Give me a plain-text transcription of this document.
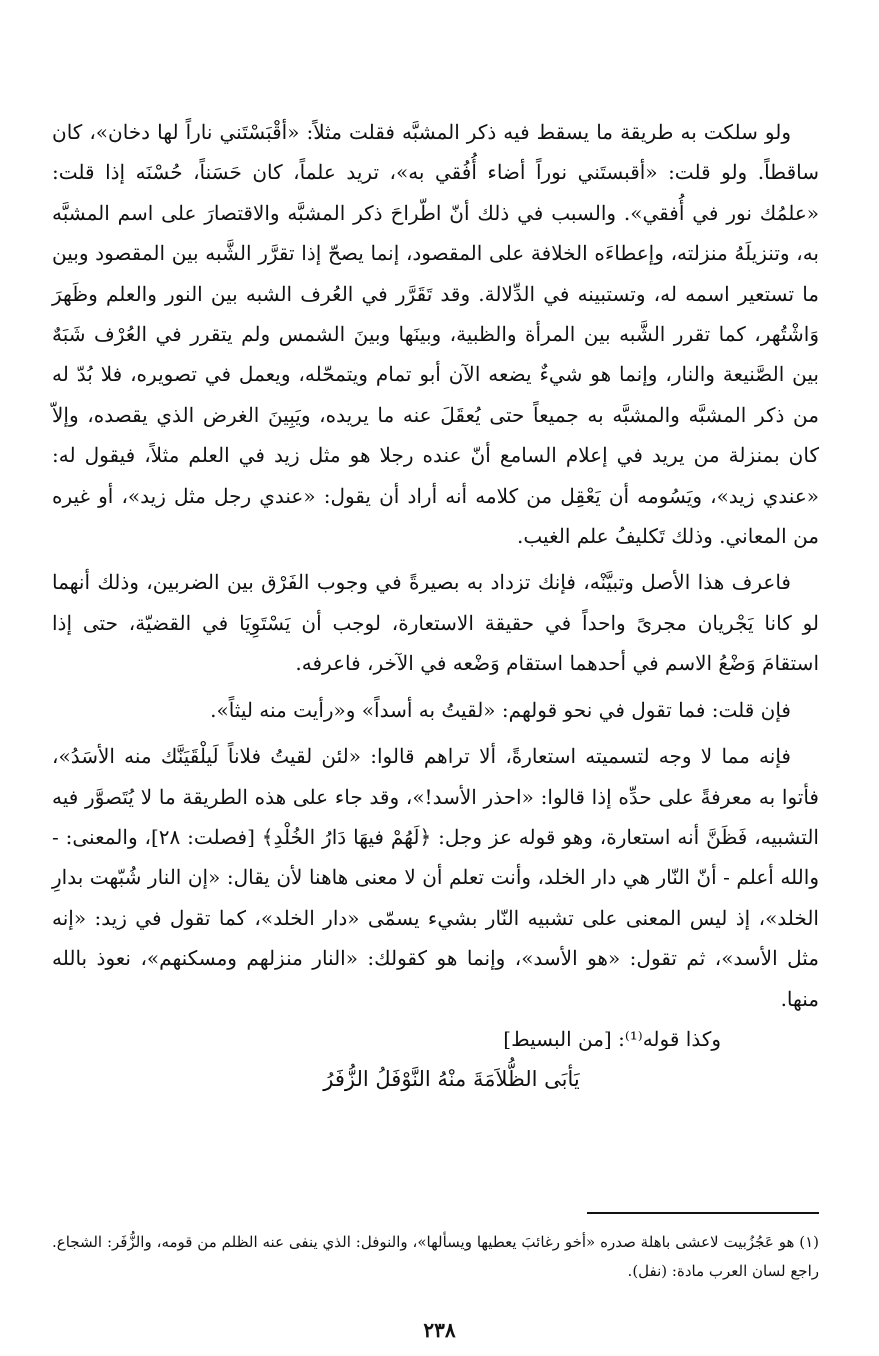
ولو سلكت به طريقة ما يسقط فيه ذكر المشبَّه فقلت مثلاً: «أقْبَسْتَني ناراً لها دخان»، كان ساقطاً. ولو قلت: «أقبستَني نوراً أضاء أُفُقي به»، تريد علماً، كان حَسَناً، حُسْنَه إذا قلت: «علمُك نور في أُفقي». والسبب في ذلك أنّ اطّراحَ ذكر المشبَّه والاقتصارَ على اسم المشبَّه به، وتنزيلَهُ منزلته، وإعطاءَه الخلافة على المقصود، إنما يصحّ إذا تقرَّر الشَّبه بين المقصود وبين ما تستعير اسمه له، وتستبينه في الدِّلالة. وقد تَقَرَّر في العُرف الشبه بين النور والعلم وظَهرَ وَاشْتُهر، كما تقرر الشَّبه بين المرأة والظبية، وبينَها وبينَ الشمس ولم يتقرر في العُرْف شَبَهٌ بين الصَّنيعة والنار، وإنما هو شيءٌ يضعه الآن أبو تمام ويتمحّله، ويعمل في تصويره، فلا بُدّ له من ذكر المشبَّه والمشبَّه به جميعاً حتى يُعقَلَ عنه ما يريده، ويَبِينَ الغرض الذي يقصده، وإلاّ كان بمنزلة من يريد في إعلام السامع أنّ عنده رجلا هو مثل زيد في العلم مثلاً، فيقول له: «عندي زيد»، ويَسُومه أن يَعْقِل من كلامه أنه أراد أن يقول: «عندي رجل مثل زيد»، أو غيره من المعاني. وذلك تَكليفُ علم الغيب.

فاعرف هذا الأصل وتبيَّنْه، فإنك تزداد به بصيرةً في وجوب الفَرْق بين الضربين، وذلك أنهما لو كانا يَجْريان مجرىً واحداً في حقيقة الاستعارة، لوجب أن يَسْتَوِيَا في القضيّة، حتى إذا استقامَ وَضْعُ الاسم في أحدهما استقام وَضْعه في الآخر، فاعرفه.

فإن قلت: فما تقول في نحو قولهم: «لقيتُ به أسداً» و«رأيت منه ليثاً».

فإنه مما لا وجه لتسميته استعارةً، ألا تراهم قالوا: «لئن لقيتُ فلاناً لَيلْقَيَنَّك منه الأسَدُ»، فأتوا به معرفةً على حدِّه إذا قالوا: «احذر الأسد!»، وقد جاء على هذه الطريقة ما لا يُتَصوَّر فيه التشبيه، فَظَنَّ أنه استعارة، وهو قوله عز وجل: ﴿لَهُمْ فيهَا دَارُ الخُلْدِ﴾ [فصلت: ٢٨]، والمعنى: - والله أعلم - أنّ النّار هي دار الخلد، وأنت تعلم أن لا معنى هاهنا لأن يقال: «إن النار شُبّهت بدارِ الخلد»، إذ ليس المعنى على تشبيه النّار بشيء يسمّى «دار الخلد»، كما تقول في زيد: «إنه مثل الأسد»، ثم تقول: «هو الأسد»، وإنما هو كقولك: «النار منزلهم ومسكنهم»، نعوذ بالله منها.

وكذا قوله⁽¹⁾: [من البسيط]

يَأبَى الظُّلاَمَةَ منْهُ النَّوْفَلُ الزُّفَرُ

(١) هو عَجُزُبيت لاعشى باهلة صدره «أخو رغائبَ يعطيها ويسألها»، والنوفل: الذي ينفى عنه الظلم من قومه، والزُّفَر: الشجاع. راجع لسان العرب مادة: (نفل).

٢٣٨
